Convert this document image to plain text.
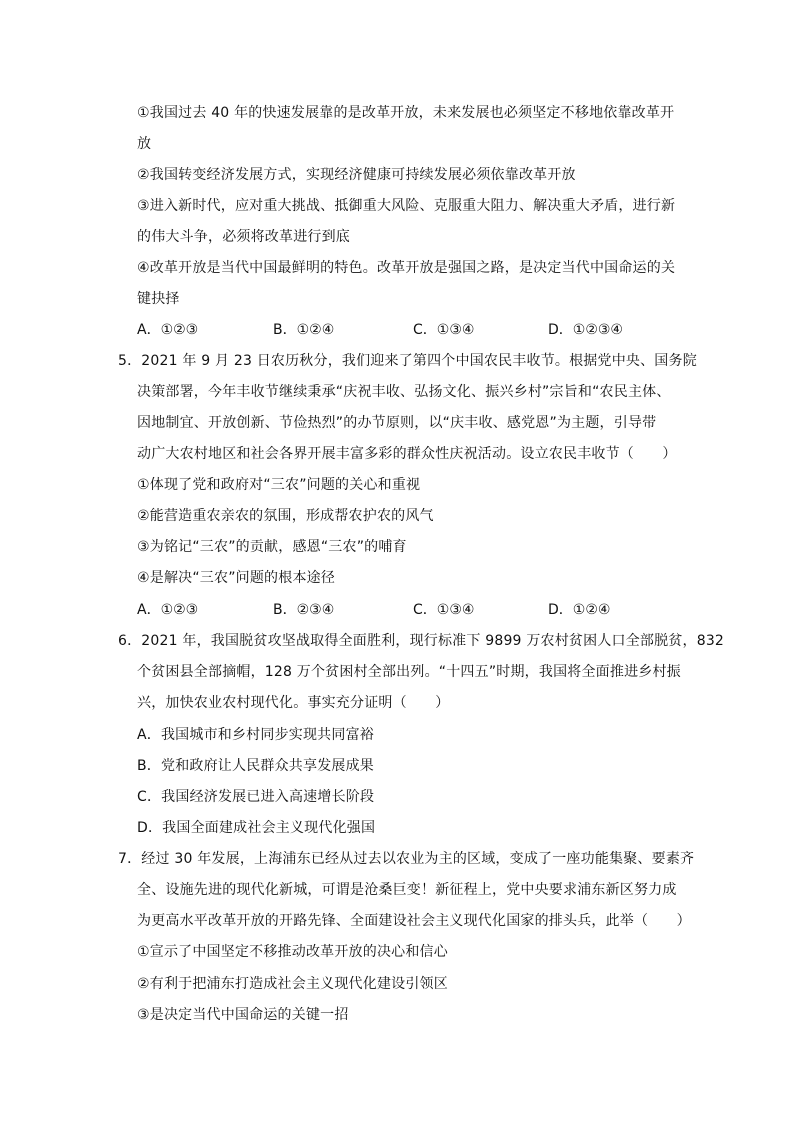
①我国过去 40 年的快速发展靠的是改革开放，未来发展也必须坚定不移地依靠改革开
放
②我国转变经济发展方式，实现经济健康可持续发展必须依靠改革开放
③进入新时代，应对重大挑战、抵御重大风险、克服重大阻力、解决重大矛盾，进行新
的伟大斗争，必须将改革进行到底
④改革开放是当代中国最鲜明的特色。改革开放是强国之路，是决定当代中国命运的关
键抉择
A．①②③	B．①②④	C．①③④	D．①②③④
5．2021 年 9 月 23 日农历秋分，我们迎来了第四个中国农民丰收节。根据党中央、国务院
决策部署，今年丰收节继续秉承“庆祝丰收、弘扬文化、振兴乡村”宗旨和“农民主体、
因地制宜、开放创新、节俭热烈”的办节原则，以“庆丰收、感党恩”为主题，引导带
动广大农村地区和社会各界开展丰富多彩的群众性庆祝活动。设立农民丰收节（　　）
①体现了党和政府对“三农”问题的关心和重视
②能营造重农亲农的氛围，形成帮农护农的风气
③为铭记“三农”的贡献，感恩“三农”的哺育
④是解决“三农”问题的根本途径
A．①②③	B．②③④	C．①③④	D．①②④
6．2021 年，我国脱贫攻坚战取得全面胜利，现行标准下 9899 万农村贫困人口全部脱贫，832
个贫困县全部摘帽，128 万个贫困村全部出列。“十四五”时期，我国将全面推进乡村振
兴，加快农业农村现代化。事实充分证明（　　）
A．我国城市和乡村同步实现共同富裕
B．党和政府让人民群众共享发展成果
C．我国经济发展已进入高速增长阶段
D．我国全面建成社会主义现代化强国
7．经过 30 年发展，上海浦东已经从过去以农业为主的区域，变成了一座功能集聚、要素齐
全、设施先进的现代化新城，可谓是沧桑巨变！新征程上，党中央要求浦东新区努力成
为更高水平改革开放的开路先锋、全面建设社会主义现代化国家的排头兵，此举（　　）
①宣示了中国坚定不移推动改革开放的决心和信心
②有利于把浦东打造成社会主义现代化建设引领区
③是决定当代中国命运的关键一招
